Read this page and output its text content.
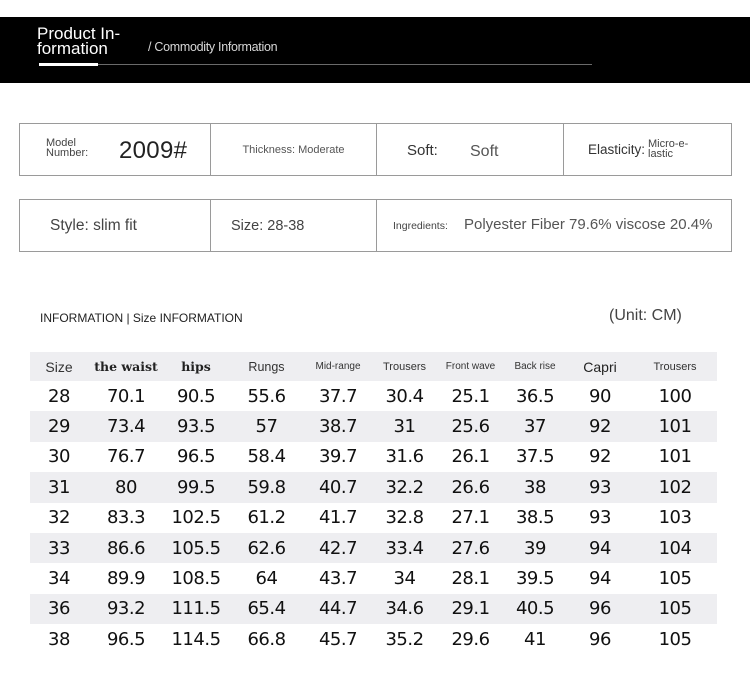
Product In-
formation	/ Commodity Information
Model
Number: 2009#	Thickness: Moderate	Soft: Soft	Elasticity: Micro-e-
lastic
Style: slim fit	Size: 28-38	Ingredients: Polyester Fiber 79.6% viscose 20.4%
INFORMATION | Size INFORMATION	(Unit: CM)
Size	the waist	hips	Rungs	Mid-range	Trousers	Front wave	Back rise	Capri	Trousers
28	70.1	90.5	55.6	37.7	30.4	25.1	36.5	90	100
29	73.4	93.5	57	38.7	31	25.6	37	92	101
30	76.7	96.5	58.4	39.7	31.6	26.1	37.5	92	101
31	80	99.5	59.8	40.7	32.2	26.6	38	93	102
32	83.3	102.5	61.2	41.7	32.8	27.1	38.5	93	103
33	86.6	105.5	62.6	42.7	33.4	27.6	39	94	104
34	89.9	108.5	64	43.7	34	28.1	39.5	94	105
36	93.2	111.5	65.4	44.7	34.6	29.1	40.5	96	105
38	96.5	114.5	66.8	45.7	35.2	29.6	41	96	105
